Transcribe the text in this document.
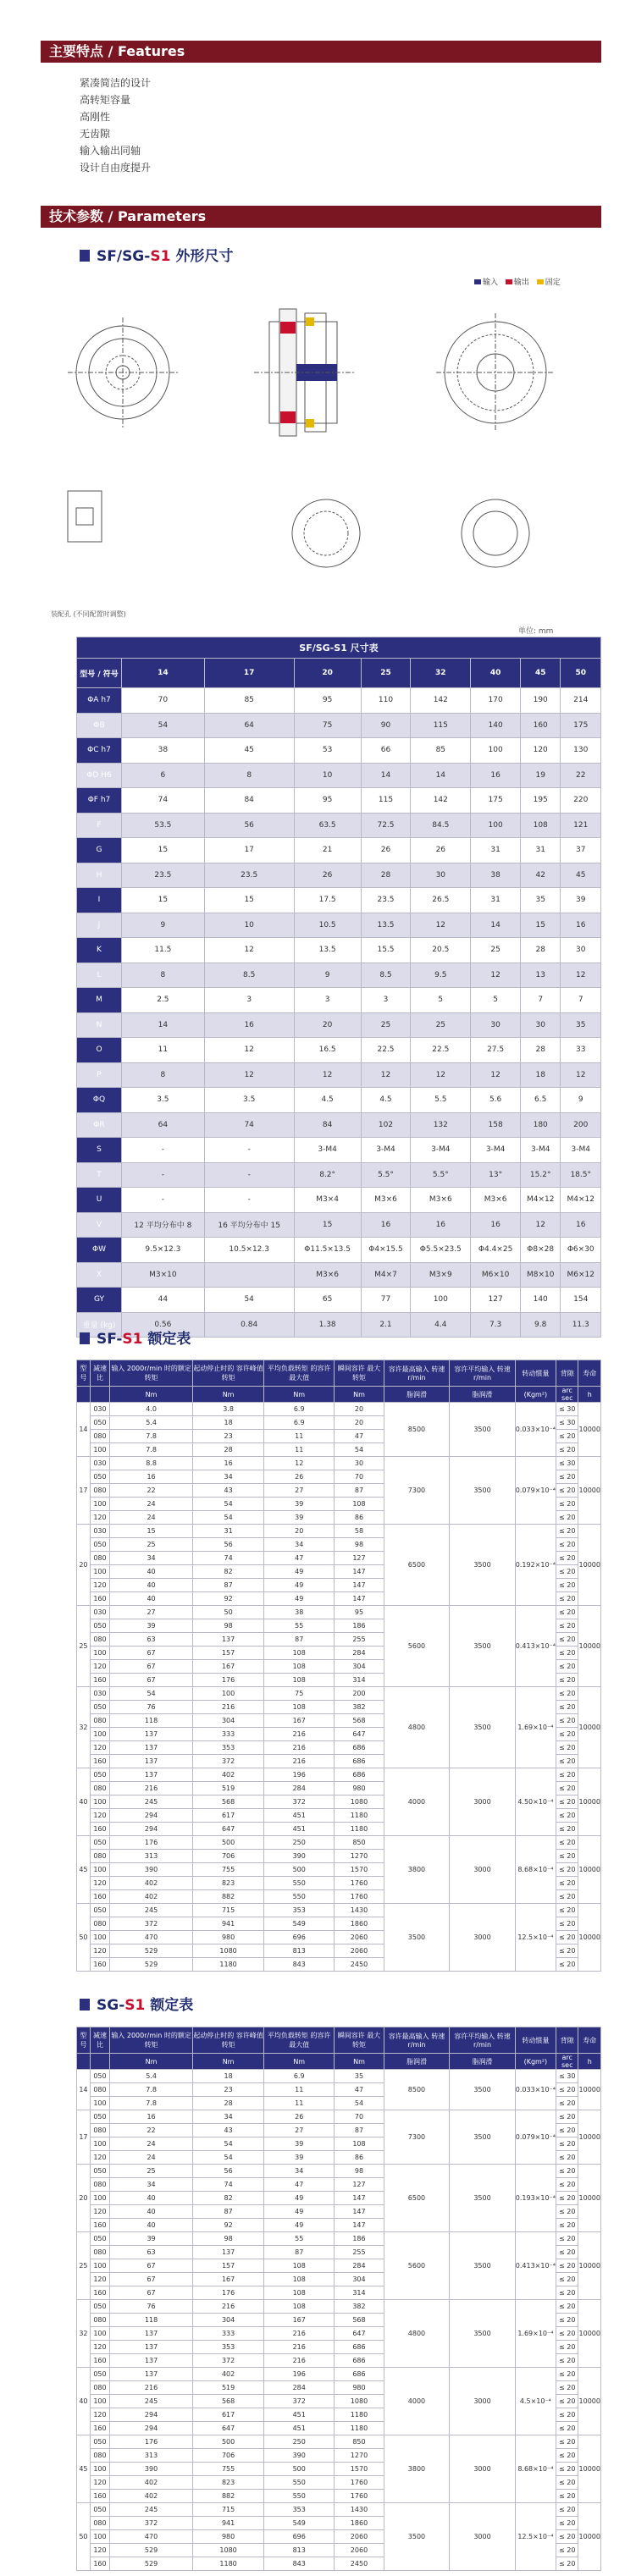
主要特点 / Features
紧凑简洁的设计
高转矩容量
高刚性
无齿隙
输入输出同轴
设计自由度提升
技术参数 / Parameters
SF/SG-S1 外形尺寸
输入 输出 固定
装配孔 (不同配置时调整)
单位: mm
SF/SG-S1 尺寸表								
型号 / 符号	14	17	20	25	32	40	45	50
ΦA h7	70	85	95	110	142	170	190	214
ΦB	54	64	75	90	115	140	160	175
ΦC h7	38	45	53	66	85	100	120	130
ΦD H6	6	8	10	14	14	16	19	22
ΦF h7	74	84	95	115	142	175	195	220
F	53.5	56	63.5	72.5	84.5	100	108	121
G	15	17	21	26	26	31	31	37
H	23.5	23.5	26	28	30	38	42	45
I	15	15	17.5	23.5	26.5	31	35	39
J	9	10	10.5	13.5	12	14	15	16
K	11.5	12	13.5	15.5	20.5	25	28	30
L	8	8.5	9	8.5	9.5	12	13	12
M	2.5	3	3	3	5	5	7	7
N	14	16	20	25	25	30	30	35
O	11	12	16.5	22.5	22.5	27.5	28	33
P	8	12	12	12	12	12	18	12
ΦQ	3.5	3.5	4.5	4.5	5.5	5.6	6.5	9
ΦR	64	74	84	102	132	158	180	200
S	-	-	3-M4	3-M4	3-M4	3-M4	3-M4	3-M4
T	-	-	8.2°	5.5°	5.5°	13°	15.2°	18.5°
U	-	-	M3×4	M3×6	M3×6	M3×6	M4×12	M4×12
V	12 平均分布中 8	16 平均分布中 15	15	16	16	16	12	16
ΦW	9.5×12.3	10.5×12.3	Φ11.5×13.5	Φ4×15.5	Φ5.5×23.5	Φ4.4×25	Φ8×28	Φ6×30
X	M3×10		M3×6	M4×7	M3×9	M6×10	M8×10	M6×12
GY	44	54	65	77	100	127	140	154
重量 (kg)	0.56	0.84	1.38	2.1	4.4	7.3	9.8	11.3
SF-S1 额定表
型号	减速比	输入 2000r/min 时的额定转矩	起动停止时的 容许峰值转矩	平均负载转矩 的容许最大值	瞬间容许 最大转矩	容许最高输入 转速 r/min	容许平均输入 转速 r/min	转动惯量	背隙	寿命
		Nm	Nm	Nm	Nm	脂润滑	脂润滑	(Kgm²)	arc sec	h
14	030	4.0	3.8	6.9	20	8500	3500	0.033×10⁻⁴	≤ 30	10000
	050	5.4	18	6.9	20				≤ 30	
	080	7.8	23	11	47				≤ 20	
	100	7.8	28	11	54				≤ 20	
17	030	8.8	16	12	30	7300	3500	0.079×10⁻⁴	≤ 30	10000
	050	16	34	26	70				≤ 20	
	080	22	43	27	87				≤ 20	
	100	24	54	39	108				≤ 20	
	120	24	54	39	86				≤ 20	
20	030	15	31	20	58	6500	3500	0.192×10⁻⁴	≤ 20	10000
	050	25	56	34	98				≤ 20	
	080	34	74	47	127				≤ 20	
	100	40	82	49	147				≤ 20	
	120	40	87	49	147				≤ 20	
	160	40	92	49	147				≤ 20	
25	030	27	50	38	95	5600	3500	0.413×10⁻⁴	≤ 20	10000
	050	39	98	55	186				≤ 20	
	080	63	137	87	255				≤ 20	
	100	67	157	108	284				≤ 20	
	120	67	167	108	304				≤ 20	
	160	67	176	108	314				≤ 20	
32	030	54	100	75	200	4800	3500	1.69×10⁻⁴	≤ 20	10000
	050	76	216	108	382				≤ 20	
	080	118	304	167	568				≤ 20	
	100	137	333	216	647				≤ 20	
	120	137	353	216	686				≤ 20	
	160	137	372	216	686				≤ 20	
40	050	137	402	196	686	4000	3000	4.50×10⁻⁴	≤ 20	10000
	080	216	519	284	980				≤ 20	
	100	245	568	372	1080				≤ 20	
	120	294	617	451	1180				≤ 20	
	160	294	647	451	1180				≤ 20	
45	050	176	500	250	850	3800	3000	8.68×10⁻⁴	≤ 20	10000
	080	313	706	390	1270				≤ 20	
	100	390	755	500	1570				≤ 20	
	120	402	823	550	1760				≤ 20	
	160	402	882	550	1760				≤ 20	
50	050	245	715	353	1430	3500	3000	12.5×10⁻⁴	≤ 20	10000
	080	372	941	549	1860				≤ 20	
	100	470	980	696	2060				≤ 20	
	120	529	1080	813	2060				≤ 20	
	160	529	1180	843	2450				≤ 20	
SG-S1 额定表
型号	减速比	输入 2000r/min 时的额定转矩	起动停止时的 容许峰值转矩	平均负载转矩 的容许最大值	瞬间容许 最大转矩	容许最高输入 转速 r/min	容许平均输入 转速 r/min	转动惯量	背隙	寿命
		Nm	Nm	Nm	Nm	脂润滑	脂润滑	(Kgm²)	arc sec	h
14	050	5.4	18	6.9	35	8500	3500	0.033×10⁻⁴	≤ 30	10000
	080	7.8	23	11	47				≤ 20	
	100	7.8	28	11	54				≤ 20	
17	050	16	34	26	70	7300	3500	0.079×10⁻⁴	≤ 20	10000
	080	22	43	27	87				≤ 20	
	100	24	54	39	108				≤ 20	
	120	24	54	39	86				≤ 20	
20	050	25	56	34	98	6500	3500	0.193×10⁻⁴	≤ 20	10000
	080	34	74	47	127				≤ 20	
	100	40	82	49	147				≤ 20	
	120	40	87	49	147				≤ 20	
	160	40	92	49	147				≤ 20	
25	050	39	98	55	186	5600	3500	0.413×10⁻⁴	≤ 20	10000
	080	63	137	87	255				≤ 20	
	100	67	157	108	284				≤ 20	
	120	67	167	108	304				≤ 20	
	160	67	176	108	314				≤ 20	
32	050	76	216	108	382	4800	3500	1.69×10⁻⁴	≤ 20	10000
	080	118	304	167	568				≤ 20	
	100	137	333	216	647				≤ 20	
	120	137	353	216	686				≤ 20	
	160	137	372	216	686				≤ 20	
40	050	137	402	196	686	4000	3000	4.5×10⁻⁴	≤ 20	10000
	080	216	519	284	980				≤ 20	
	100	245	568	372	1080				≤ 20	
	120	294	617	451	1180				≤ 20	
	160	294	647	451	1180				≤ 20	
45	050	176	500	250	850	3800	3000	8.68×10⁻⁴	≤ 20	10000
	080	313	706	390	1270				≤ 20	
	100	390	755	500	1570				≤ 20	
	120	402	823	550	1760				≤ 20	
	160	402	882	550	1760				≤ 20	
50	050	245	715	353	1430	3500	3000	12.5×10⁻⁴	≤ 20	10000
	080	372	941	549	1860				≤ 20	
	100	470	980	696	2060				≤ 20	
	120	529	1080	813	2060				≤ 20	
	160	529	1180	843	2450				≤ 20	
